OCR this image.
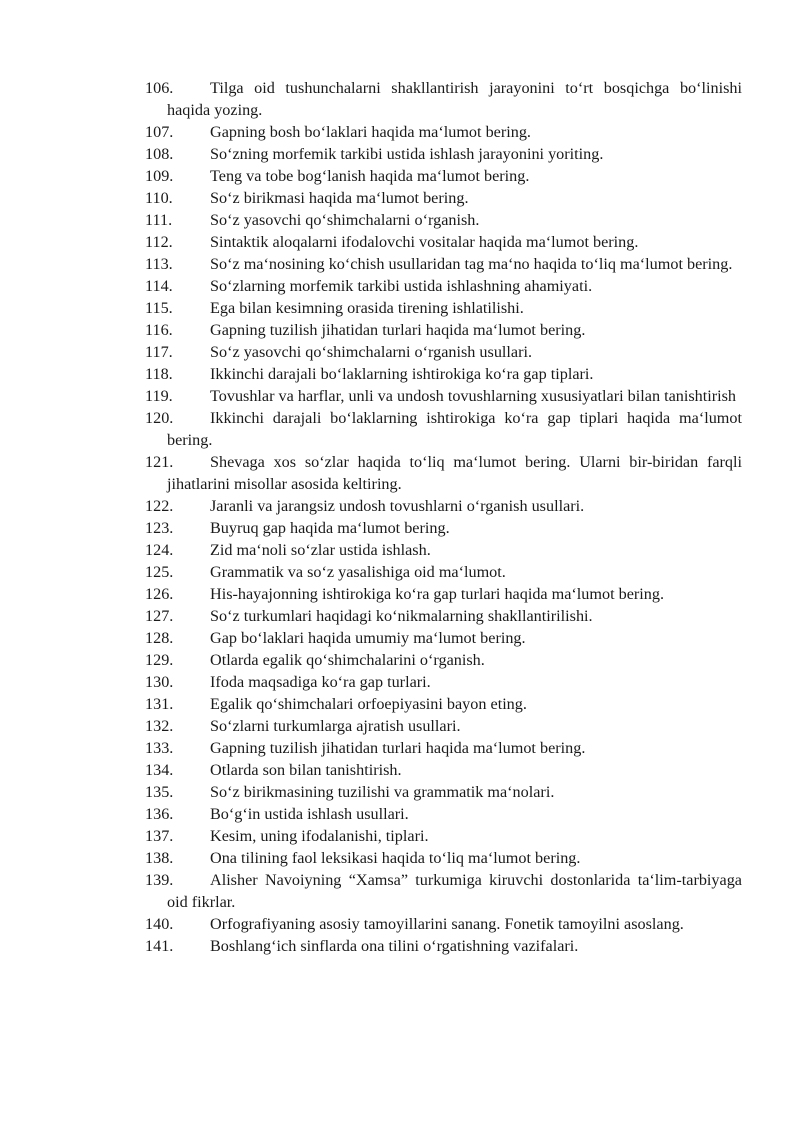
106. Tilga oid tushunchalarni shakllantirish jarayonini to‘rt bosqichga bo‘linishi haqida yozing.
107. Gapning bosh bo‘laklari haqida ma‘lumot bering.
108. So‘zning morfemik tarkibi ustida ishlash jarayonini yoriting.
109. Teng va tobe bog‘lanish haqida ma‘lumot bering.
110. So‘z birikmasi haqida ma‘lumot bering.
111. So‘z yasovchi qo‘shimchalarni o‘rganish.
112. Sintaktik aloqalarni ifodalovchi vositalar haqida ma‘lumot bering.
113. So‘z ma‘nosining ko‘chish usullaridan tag ma‘no haqida to‘liq ma‘lumot bering.
114. So‘zlarning morfemik tarkibi ustida ishlashning ahamiyati.
115. Ega bilan kesimning orasida tirening ishlatilishi.
116. Gapning tuzilish jihatidan turlari haqida ma‘lumot bering.
117. So‘z yasovchi qo‘shimchalarni o‘rganish usullari.
118. Ikkinchi darajali bo‘laklarning ishtirokiga ko‘ra gap tiplari.
119. Tovushlar va harflar, unli va undosh tovushlarning xususiyatlari bilan tanishtirish
120. Ikkinchi darajali bo‘laklarning ishtirokiga ko‘ra gap tiplari haqida ma‘lumot bering.
121. Shevaga xos so‘zlar haqida to‘liq ma‘lumot bering. Ularni bir-biridan farqli jihatlarini misollar asosida keltiring.
122. Jaranli va jarangsiz undosh tovushlarni o‘rganish usullari.
123. Buyruq gap haqida ma‘lumot bering.
124. Zid ma‘noli so‘zlar ustida ishlash.
125. Grammatik va so‘z yasalishiga oid ma‘lumot.
126. His-hayajonning ishtirokiga ko‘ra gap turlari haqida ma‘lumot bering.
127. So‘z turkumlari haqidagi ko‘nikmalarning shakllantirilishi.
128. Gap bo‘laklari haqida umumiy ma‘lumot bering.
129. Otlarda egalik qo‘shimchalarini o‘rganish.
130. Ifoda maqsadiga ko‘ra gap turlari.
131. Egalik qo‘shimchalari orfoepiyasini bayon eting.
132. So‘zlarni turkumlarga ajratish usullari.
133. Gapning tuzilish jihatidan turlari haqida ma‘lumot bering.
134. Otlarda son bilan tanishtirish.
135. So‘z birikmasining tuzilishi va grammatik ma‘nolari.
136. Bo‘g‘in ustida ishlash usullari.
137. Kesim, uning ifodalanishi, tiplari.
138. Ona tilining faol leksikasi haqida to‘liq ma‘lumot bering.
139. Alisher Navoiyning “Xamsa” turkumiga kiruvchi dostonlarida ta‘lim-tarbiyaga oid fikrlar.
140. Orfografiyaning asosiy tamoyillarini sanang. Fonetik tamoyilni asoslang.
141. Boshlang‘ich sinflarda ona tilini o‘rgatishning vazifalari.
